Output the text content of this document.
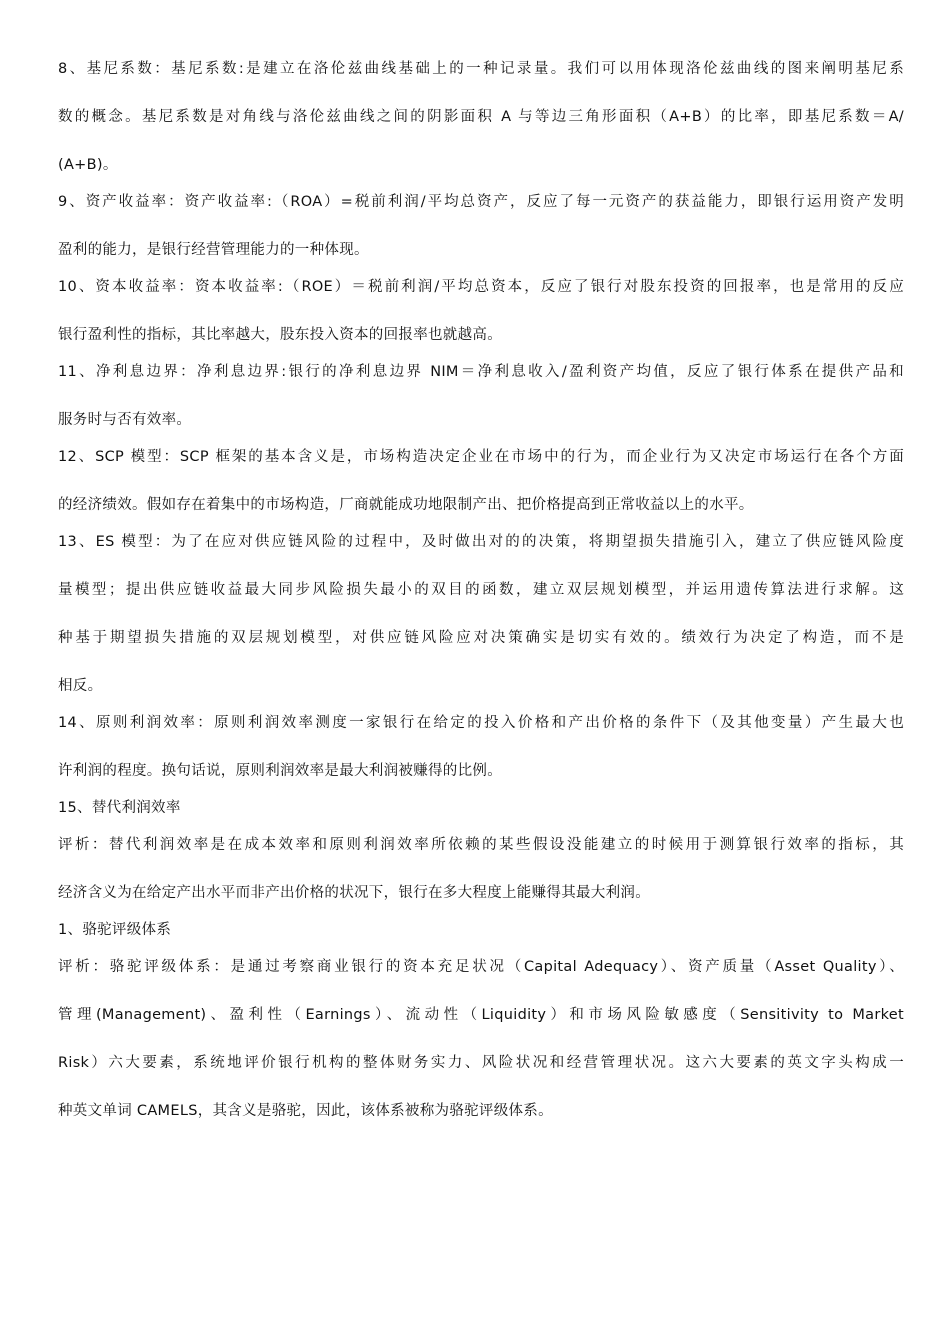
8、基尼系数：基尼系数:是建立在洛伦兹曲线基础上的一种记录量。我们可以用体现洛伦兹曲线的图来阐明基尼系
数的概念。基尼系数是对角线与洛伦兹曲线之间的阴影面积 A 与等边三角形面积（A+B）的比率，即基尼系数＝A/
(A+B)。
9、资产收益率：资产收益率:（ROA）=税前利润/平均总资产，反应了每一元资产的获益能力，即银行运用资产发明
盈利的能力，是银行经营管理能力的一种体现。
10、资本收益率：资本收益率:（ROE）＝税前利润/平均总资本，反应了银行对股东投资的回报率，也是常用的反应
银行盈利性的指标，其比率越大，股东投入资本的回报率也就越高。
11、净利息边界：净利息边界:银行的净利息边界 NIM＝净利息收入/盈利资产均值，反应了银行体系在提供产品和
服务时与否有效率。
12、SCP 模型：SCP 框架的基本含义是，市场构造决定企业在市场中的行为，而企业行为又决定市场运行在各个方面
的经济绩效。假如存在着集中的市场构造，厂商就能成功地限制产出、把价格提高到正常收益以上的水平。
13、ES 模型：为了在应对供应链风险的过程中，及时做出对的的决策，将期望损失措施引入，建立了供应链风险度
量模型；提出供应链收益最大同步风险损失最小的双目的函数，建立双层规划模型，并运用遗传算法进行求解。这
种基于期望损失措施的双层规划模型，对供应链风险应对决策确实是切实有效的。绩效行为决定了构造，而不是
相反。
14、原则利润效率：原则利润效率测度一家银行在给定的投入价格和产出价格的条件下（及其他变量）产生最大也
许利润的程度。换句话说，原则利润效率是最大利润被赚得的比例。
15、替代利润效率
评析：替代利润效率是在成本效率和原则利润效率所依赖的某些假设没能建立的时候用于测算银行效率的指标，其
经济含义为在给定产出水平而非产出价格的状况下，银行在多大程度上能赚得其最大利润。
1、骆驼评级体系
评析：骆驼评级体系：是通过考察商业银行的资本充足状况（Capital Adequacy）、资产质量（Asset Quality）、
管理(Management)、盈利性（Earnings）、流动性（Liquidity）和市场风险敏感度（Sensitivity to Market
Risk）六大要素，系统地评价银行机构的整体财务实力、风险状况和经营管理状况。这六大要素的英文字头构成一
种英文单词 CAMELS，其含义是骆驼，因此，该体系被称为骆驼评级体系。
